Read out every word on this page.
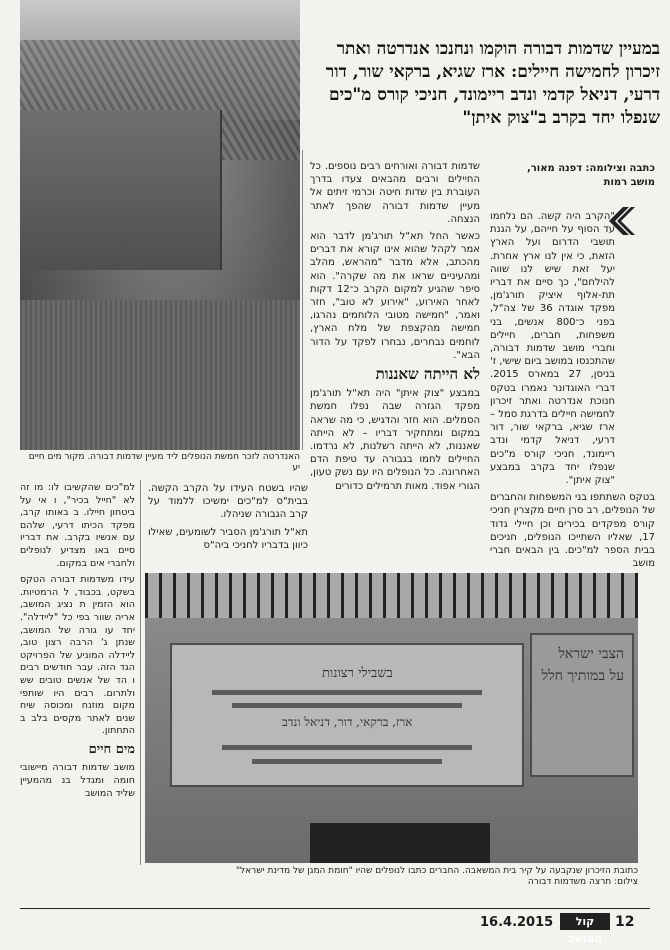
האנדרטה לזכר חמשת הנופלים ליד מעיין שדמות דבורה. מקור מים חיים יע
במעיין שדמות דבורה הוקמו ונחנכו אנדרטה ואתר זיכרון לחמישה חיילים: ארז שגיא, ברקאי שור, דור דרעי, דניאל קדמי ונדב ריימונד, חניכי קורס מ"כים שנפלו יחד בקרב ב"צוק איתן"
כתבה וצילומה: דפנה מאור,
מושב רמות

"הקרב היה קשה. הם נלחמו עד הסוף על חייהם, על הגנת תושבי הדרום ועל הארץ הזאת, כי אין לנו ארץ אחרת. יעל זאת שיש לנו שווה להילחם", כך סיים את דבריו תת-אלוף איציק תורג'מן, מפקד אוגדה 36 של צה"ל, בפני כ־800 אנשים, בני משפחות, חברים, חיילים וחברי מושב שדמות דבורה, שהתכנסו במושב ביום שישי, ז' בניסן, 27 במארס 2015. דברי האוגדונר נאמרו בטקס חנוכת אנדרטה ואתר זיכרון לחמישה חיילים בדרגת סמל – ארז שגיא, ברקאי שור, דור דרעי, דניאל קדמי ונדב ריימונד, חניכי קורס מ"כים שנפלו יחד בקרב במבצע "צוק איתן".

בטקס השתתפו בני המשפחות והחברים של הנופלים, רב סרן חיים מקצרין חניכי קורס מפקדים בכירים וכן חיילי גדוד 17, שאליו השתייכו הנופלים, חניכים בבית הספר למ"כים. בין הבאים חברי מושב

שדמות דבורה ואורחים רבים נוספים. כל החיילים ורבים מהבאים צעדו בדרך העוברת בין שדות חיטה וכרמי זיתים אל מעיין שדמות דבורה שהפך לאתר הנצחה.

כאשר החל תא"ל תורג'מן לדבר הוא אמר לקהל שהוא אינו קורא את דברים מהכתב, אלא מדבר "מהראש, מהלב ומהעיניים שראו את מה שקרה". הוא סיפר שהגיע למקום הקרב כ־12 דקות לאחר האירוע, "אירוע לא טוב", חזר ואמר, "חמישה מטובי הלוחמים נהרגו, חמישה מהקצפת של מלח הארץ, לוחמים נבחרים, נבחרו לפקד על הדור הבא".

לא הייתה שאננות

במבצע "צוק איתן" היה תא"ל תורג'מן מפקד הגזרה שבה נפלו חמשת הסמלים. הוא חזר והדגיש, כי מה שראה במקום ומתחקיר דבריו – לא הייתה שאננות, לא הייתה רשלנות, לא נרדמו. החיילים לחמו בגבורה עד טיפת הדם האחרונה. כל הנופלים היו עם נשק טעון, הגורי אפוד. מאות תרמילים כדורים

שהיו בשטח העידו על הקרב הקשה. בבית"ס למ"כים ימשיכו ללמוד על קרב הגבורה שניהלו.

תא"ל תורג'מן הסביר לשומעים, שאילו כיוון בדבריו לחניכי ביה"ס

למ"כים שהקשיבו לו: מו זה לא "חייל בכיר", ו אי על ביטחון חיילו. ב באותו קרב, מפקד הכיתו דרעי, שלהם עם אנשיו בקרב. את דבריו סיים באו מצדיע לנופלים ולחברי אים במקום.

עידו משדמות דבורה הטקס בשקט, בכבוד, ל הרמטיות. הוא הזמין ת נציג המושב, אריה שוור בפי כל "ליידלה". יחד עו גורה של המושב, שנתן ג' הרבה רצון טוב, ליידלה המוניע של הפרויקט הגד הזה. עבר חודשים רבים ו הד של אנשים טובים שש ולתרום. רבים היו שותפי מקום מוזנח ומכוסה שיח שנים לאתר מקסים בלב ב התחתון.

מים חיים

מושב שדמות דבורה מיישובי חומה ומגדל בנ מהמעיין שליד המושב

בשבילי רצונות
ארז, ברקאי, דור, דניאל ונדב
הצבי ישראל על במותיך חלל
כתובת הזיכרון שנקבעה על קיר בית המשאבה. החברים כתבו לנופלים שהיו "חומת המגן של מדינת ישראל"
צילום: תרצה משדמות דבורה
16.4.2015	קול המושב
12
